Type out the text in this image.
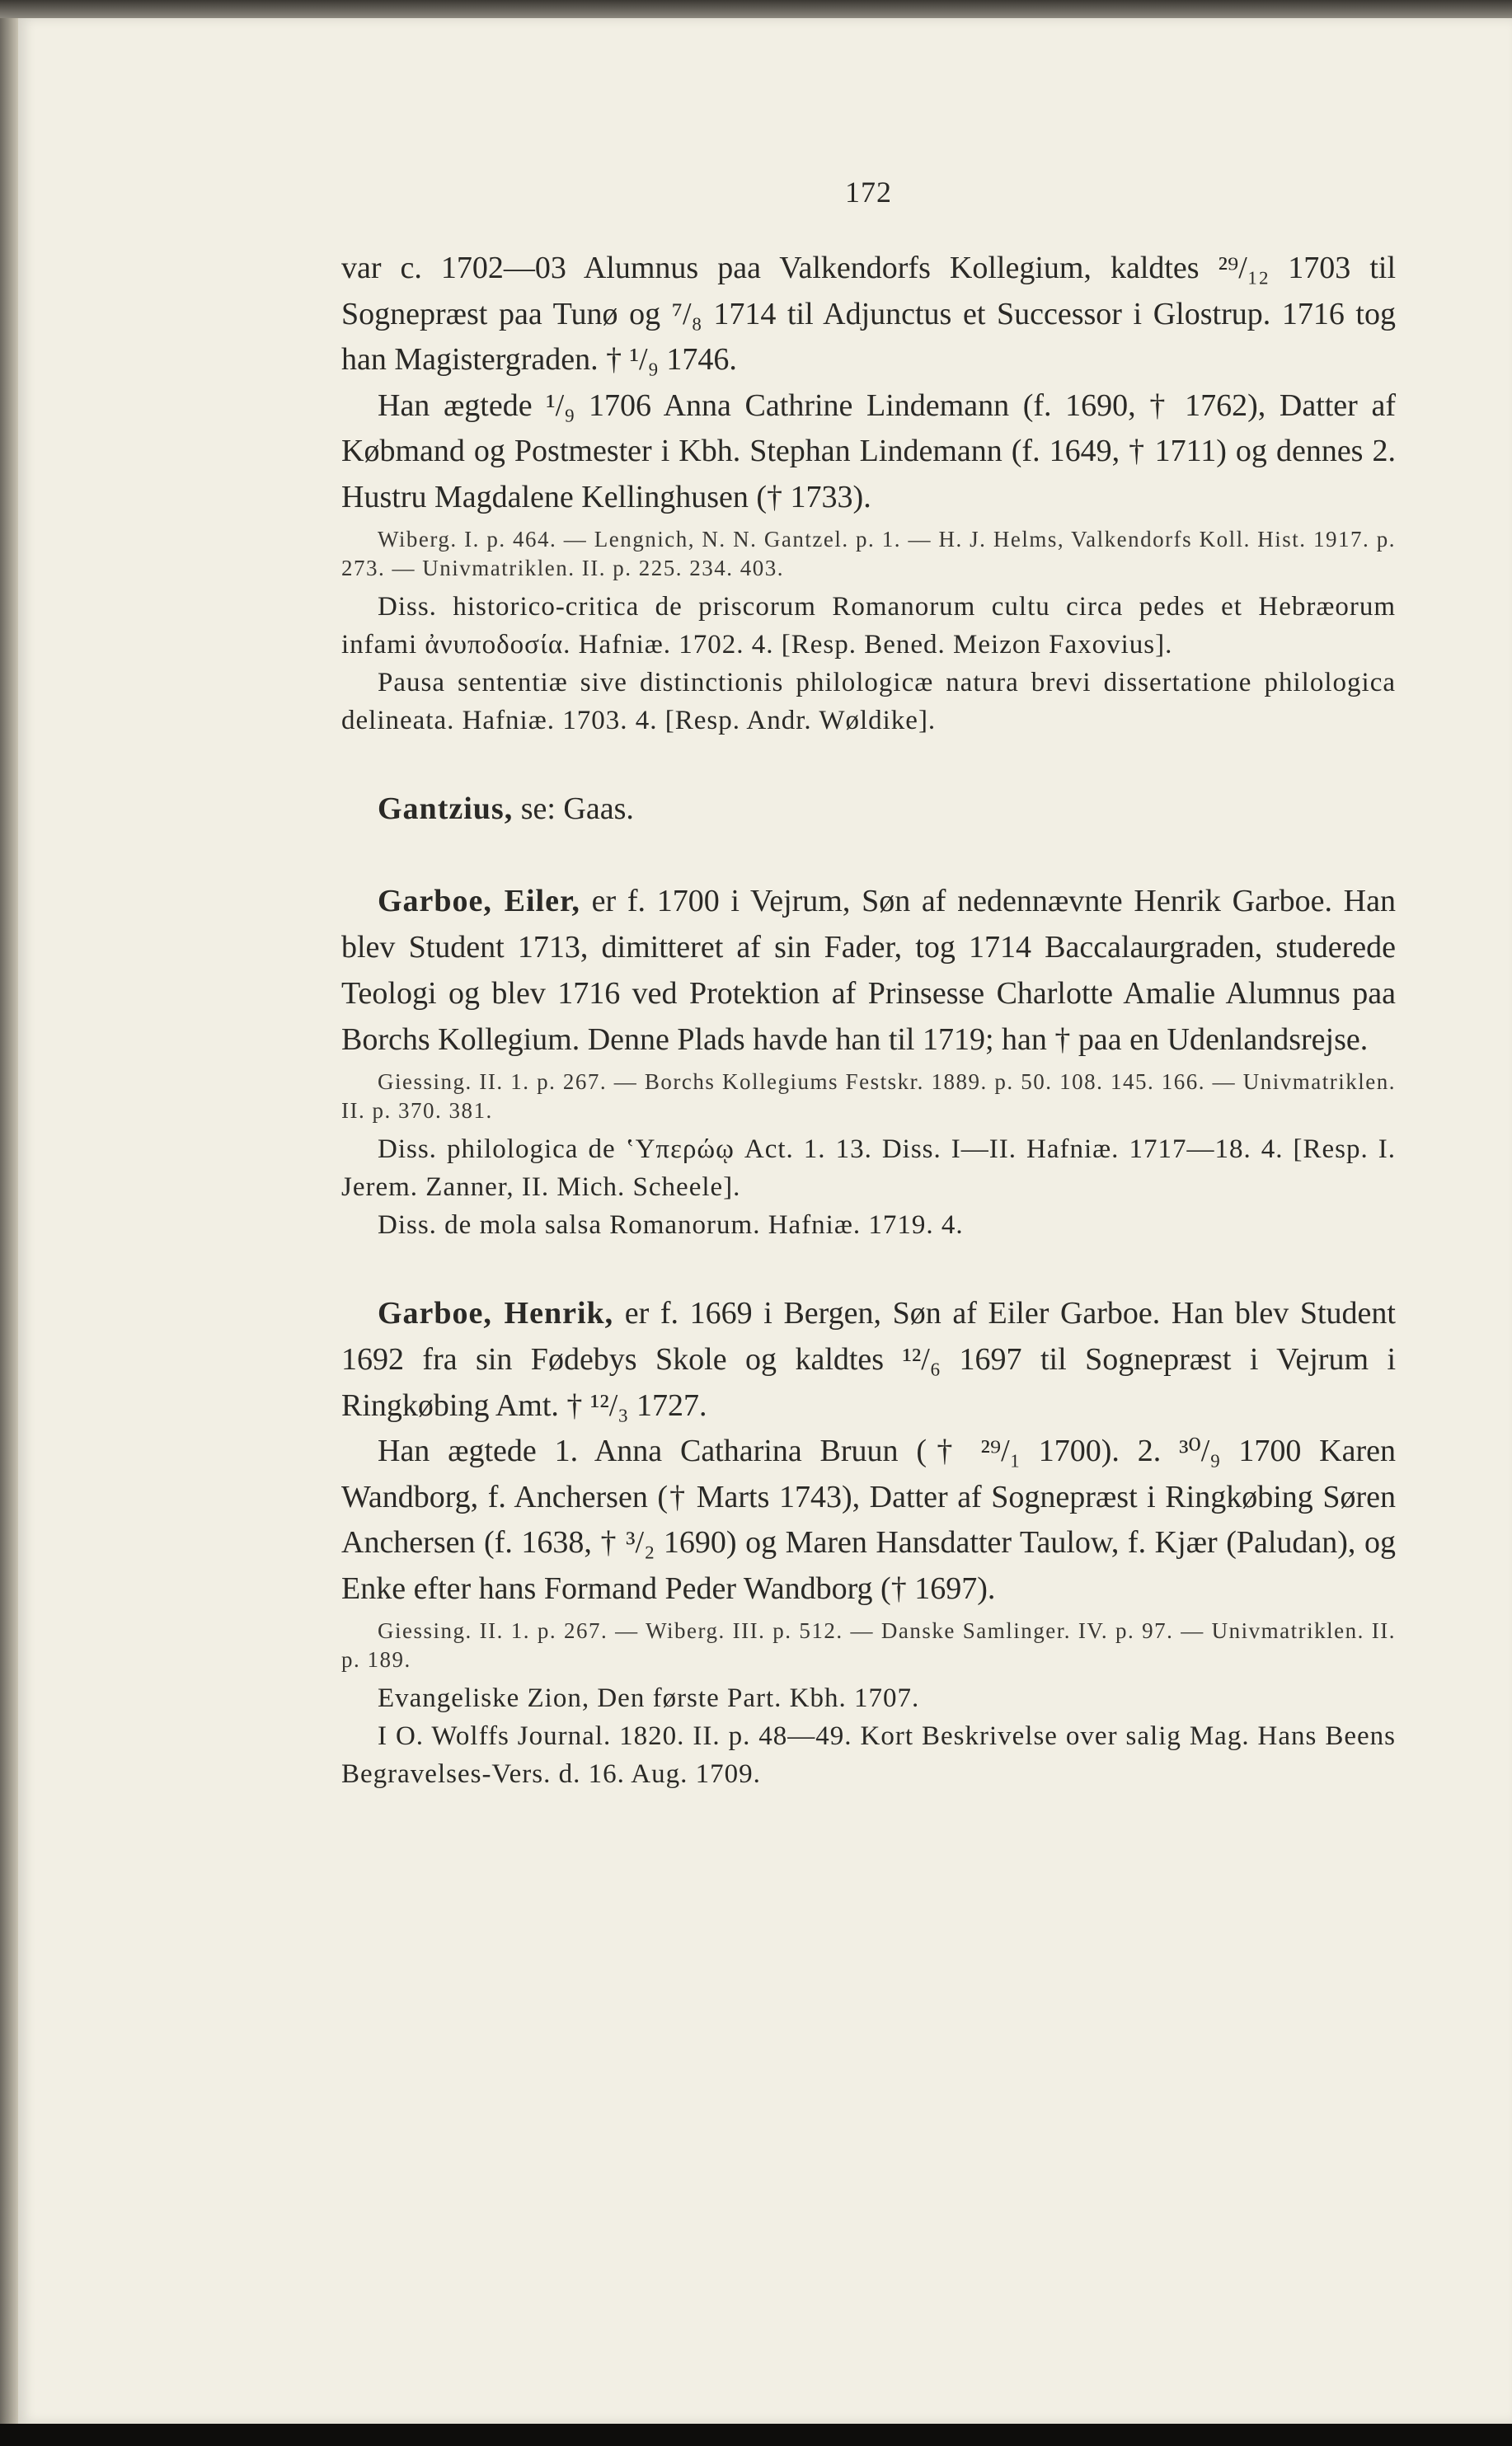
172

var c. 1702—03 Alumnus paa Valkendorfs Kollegium, kaldtes ²⁹/₁₂ 1703 til Sognepræst paa Tunø og ⁷/₈ 1714 til Adjunctus et Successor i Glostrup. 1716 tog han Magistergraden. † ¹/₉ 1746.

Han ægtede ¹/₉ 1706 Anna Cathrine Lindemann (f. 1690, † 1762), Datter af Købmand og Postmester i Kbh. Stephan Lindemann (f. 1649, † 1711) og dennes 2. Hustru Magdalene Kellinghusen († 1733).

Wiberg. I. p. 464. — Lengnich, N. N. Gantzel. p. 1. — H. J. Helms, Valkendorfs Koll. Hist. 1917. p. 273. — Univmatriklen. II. p. 225. 234. 403.

Diss. historico-critica de priscorum Romanorum cultu circa pedes et Hebræorum infami ἀνυποδοσία. Hafniæ. 1702. 4. [Resp. Bened. Meizon Faxovius].

Pausa sententiæ sive distinctionis philologicæ natura brevi dissertatione philologica delineata. Hafniæ. 1703. 4. [Resp. Andr. Wøldike].

Gantzius, se: Gaas.

Garboe, Eiler, er f. 1700 i Vejrum, Søn af nedennævnte Henrik Garboe. Han blev Student 1713, dimitteret af sin Fader, tog 1714 Baccalaurgraden, studerede Teologi og blev 1716 ved Protektion af Prinsesse Charlotte Amalie Alumnus paa Borchs Kollegium. Denne Plads havde han til 1719; han † paa en Udenlandsrejse.

Giessing. II. 1. p. 267. — Borchs Kollegiums Festskr. 1889. p. 50. 108. 145. 166. — Univmatriklen. II. p. 370. 381.

Diss. philologica de ʽΥπερώῳ Act. 1. 13. Diss. I—II. Hafniæ. 1717—18. 4. [Resp. I. Jerem. Zanner, II. Mich. Scheele].

Diss. de mola salsa Romanorum. Hafniæ. 1719. 4.

Garboe, Henrik, er f. 1669 i Bergen, Søn af Eiler Garboe. Han blev Student 1692 fra sin Fødebys Skole og kaldtes ¹²/₆ 1697 til Sognepræst i Vejrum i Ringkøbing Amt. † ¹²/₃ 1727.

Han ægtede 1. Anna Catharina Bruun († ²⁹/₁ 1700). 2. ³⁰/₉ 1700 Karen Wandborg, f. Anchersen († Marts 1743), Datter af Sognepræst i Ringkøbing Søren Anchersen (f. 1638, † ³/₂ 1690) og Maren Hansdatter Taulow, f. Kjær (Paludan), og Enke efter hans Formand Peder Wandborg († 1697).

Giessing. II. 1. p. 267. — Wiberg. III. p. 512. — Danske Samlinger. IV. p. 97. — Univmatriklen. II. p. 189.

Evangeliske Zion, Den første Part. Kbh. 1707.

I O. Wolffs Journal. 1820. II. p. 48—49. Kort Beskrivelse over salig Mag. Hans Beens Begravelses-Vers. d. 16. Aug. 1709.
